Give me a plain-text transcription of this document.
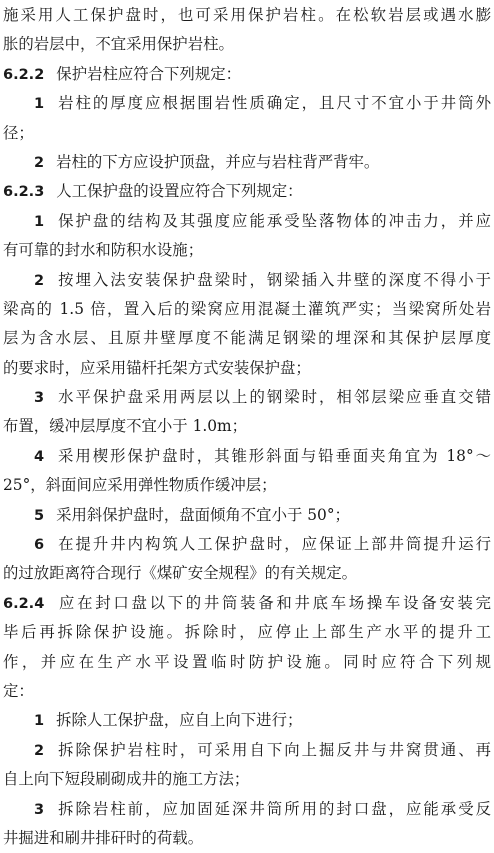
施采用人工保护盘时，也可采用保护岩柱。在松软岩层或遇水膨
胀的岩层中，不宜采用保护岩柱。
6.2.2 保护岩柱应符合下列规定：
1 岩柱的厚度应根据围岩性质确定，且尺寸不宜小于井筒外
径；
2 岩柱的下方应设护顶盘，并应与岩柱背严背牢。
6.2.3 人工保护盘的设置应符合下列规定：
1 保护盘的结构及其强度应能承受坠落物体的冲击力，并应
有可靠的封水和防积水设施；
2 按埋入法安装保护盘梁时，钢梁插入井壁的深度不得小于
梁高的 1.5 倍，置入后的梁窝应用混凝土灌筑严实；当梁窝所处岩
层为含水层、且原井壁厚度不能满足钢梁的埋深和其保护层厚度
的要求时，应采用锚杆托架方式安装保护盘；
3 水平保护盘采用两层以上的钢梁时，相邻层梁应垂直交错
布置，缓冲层厚度不宜小于 1.0m；
4 采用楔形保护盘时，其锥形斜面与铅垂面夹角宜为 18°～
25°，斜面间应采用弹性物质作缓冲层；
5 采用斜保护盘时，盘面倾角不宜小于 50°；
6 在提升井内构筑人工保护盘时，应保证上部井筒提升运行
的过放距离符合现行《煤矿安全规程》的有关规定。
6.2.4 应在封口盘以下的井筒装备和井底车场操车设备安装完
毕后再拆除保护设施。拆除时，应停止上部生产水平的提升工
作，并应在生产水平设置临时防护设施。同时应符合下列规
定：
1 拆除人工保护盘，应自上向下进行；
2 拆除保护岩柱时，可采用自下向上掘反井与井窝贯通、再
自上向下短段刷砌成井的施工方法；
3 拆除岩柱前，应加固延深井筒所用的封口盘，应能承受反
井掘进和刷井排矸时的荷载。
